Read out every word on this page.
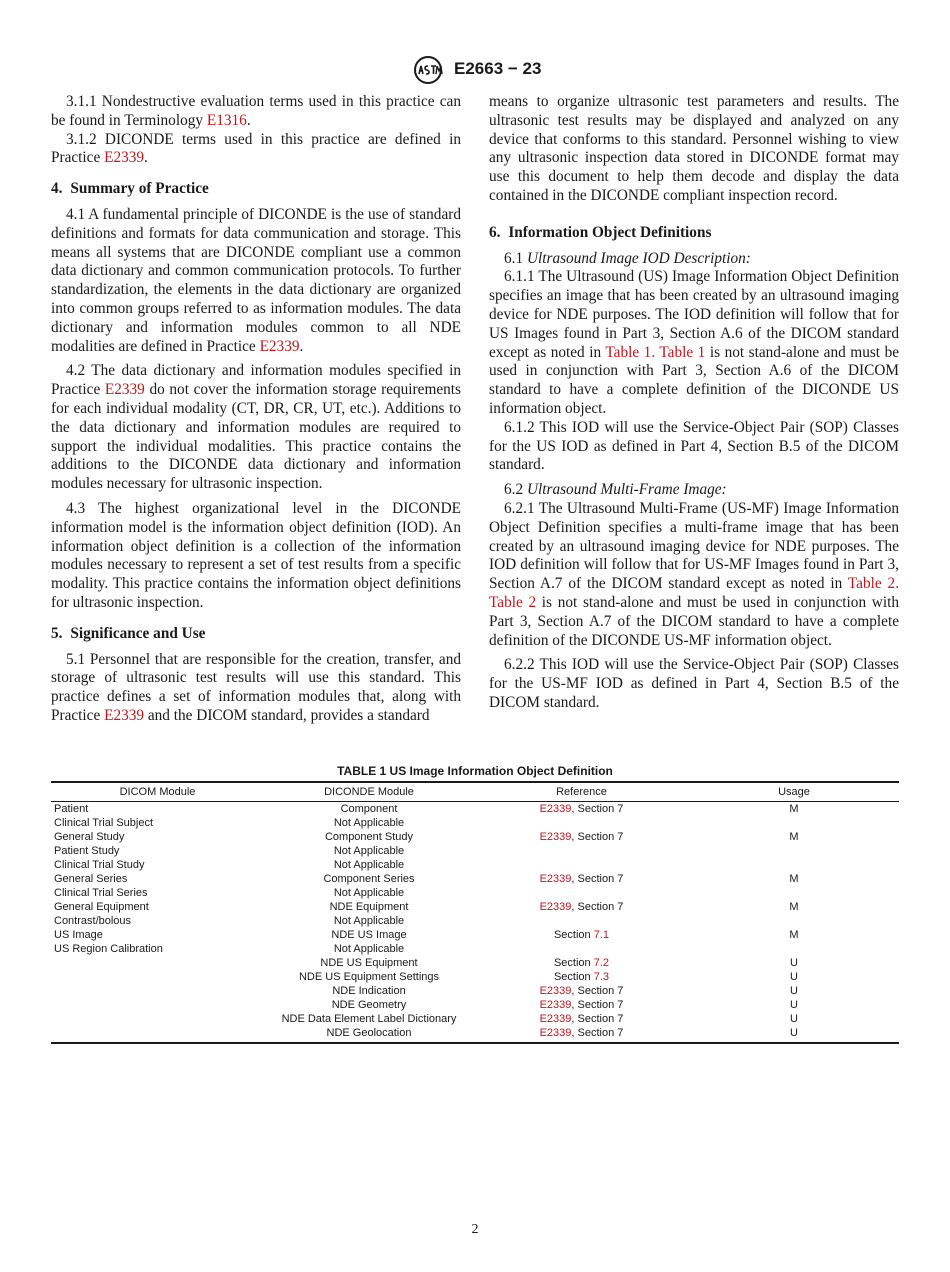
E2663 − 23

3.1.1 Nondestructive evaluation terms used in this practice can be found in Terminology E1316.

3.1.2 DICONDE terms used in this practice are defined in Practice E2339.

4. Summary of Practice

4.1 A fundamental principle of DICONDE is the use of standard definitions and formats for data communication and storage. This means all systems that are DICONDE compliant use a common data dictionary and common communication protocols. To further standardization, the elements in the data dictionary are organized into common groups referred to as information modules. The data dictionary and information modules common to all NDE modalities are defined in Practice E2339.

4.2 The data dictionary and information modules specified in Practice E2339 do not cover the information storage requirements for each individual modality (CT, DR, CR, UT, etc.). Additions to the data dictionary and information modules are required to support the individual modalities. This practice contains the additions to the DICONDE data dictionary and information modules necessary for ultrasonic inspection.

4.3 The highest organizational level in the DICONDE information model is the information object definition (IOD). An information object definition is a collection of the information modules necessary to represent a set of test results from a specific modality. This practice contains the information object definitions for ultrasonic inspection.

5. Significance and Use

5.1 Personnel that are responsible for the creation, transfer, and storage of ultrasonic test results will use this standard. This practice defines a set of information modules that, along with Practice E2339 and the DICOM standard, provides a standard

means to organize ultrasonic test parameters and results. The ultrasonic test results may be displayed and analyzed on any device that conforms to this standard. Personnel wishing to view any ultrasonic inspection data stored in DICONDE format may use this document to help them decode and display the data contained in the DICONDE compliant inspection record.

6. Information Object Definitions

6.1 Ultrasound Image IOD Description:

6.1.1 The Ultrasound (US) Image Information Object Definition specifies an image that has been created by an ultrasound imaging device for NDE purposes. The IOD definition will follow that for US Images found in Part 3, Section A.6 of the DICOM standard except as noted in Table 1. Table 1 is not stand-alone and must be used in conjunction with Part 3, Section A.6 of the DICOM standard to have a complete definition of the DICONDE US information object.

6.1.2 This IOD will use the Service-Object Pair (SOP) Classes for the US IOD as defined in Part 4, Section B.5 of the DICOM standard.

6.2 Ultrasound Multi-Frame Image:

6.2.1 The Ultrasound Multi-Frame (US-MF) Image Information Object Definition specifies a multi-frame image that has been created by an ultrasound imaging device for NDE purposes. The IOD definition will follow that for US-MF Images found in Part 3, Section A.7 of the DICOM standard except as noted in Table 2. Table 2 is not stand-alone and must be used in conjunction with Part 3, Section A.7 of the DICOM standard to have a complete definition of the DICONDE US-MF information object.

6.2.2 This IOD will use the Service-Object Pair (SOP) Classes for the US-MF IOD as defined in Part 4, Section B.5 of the DICOM standard.

TABLE 1 US Image Information Object Definition
DICOM Module	DICONDE Module	Reference	Usage
Patient	Component	E2339, Section 7	M
Clinical Trial Subject	Not Applicable		
General Study	Component Study	E2339, Section 7	M
Patient Study	Not Applicable		
Clinical Trial Study	Not Applicable		
General Series	Component Series	E2339, Section 7	M
Clinical Trial Series	Not Applicable		
General Equipment	NDE Equipment	E2339, Section 7	M
Contrast/bolous	Not Applicable		
US Image	NDE US Image	Section 7.1	M
US Region Calibration	Not Applicable		
	NDE US Equipment	Section 7.2	U
	NDE US Equipment Settings	Section 7.3	U
	NDE Indication	E2339, Section 7	U
	NDE Geometry	E2339, Section 7	U
	NDE Data Element Label Dictionary	E2339, Section 7	U
	NDE Geolocation	E2339, Section 7	U
2
